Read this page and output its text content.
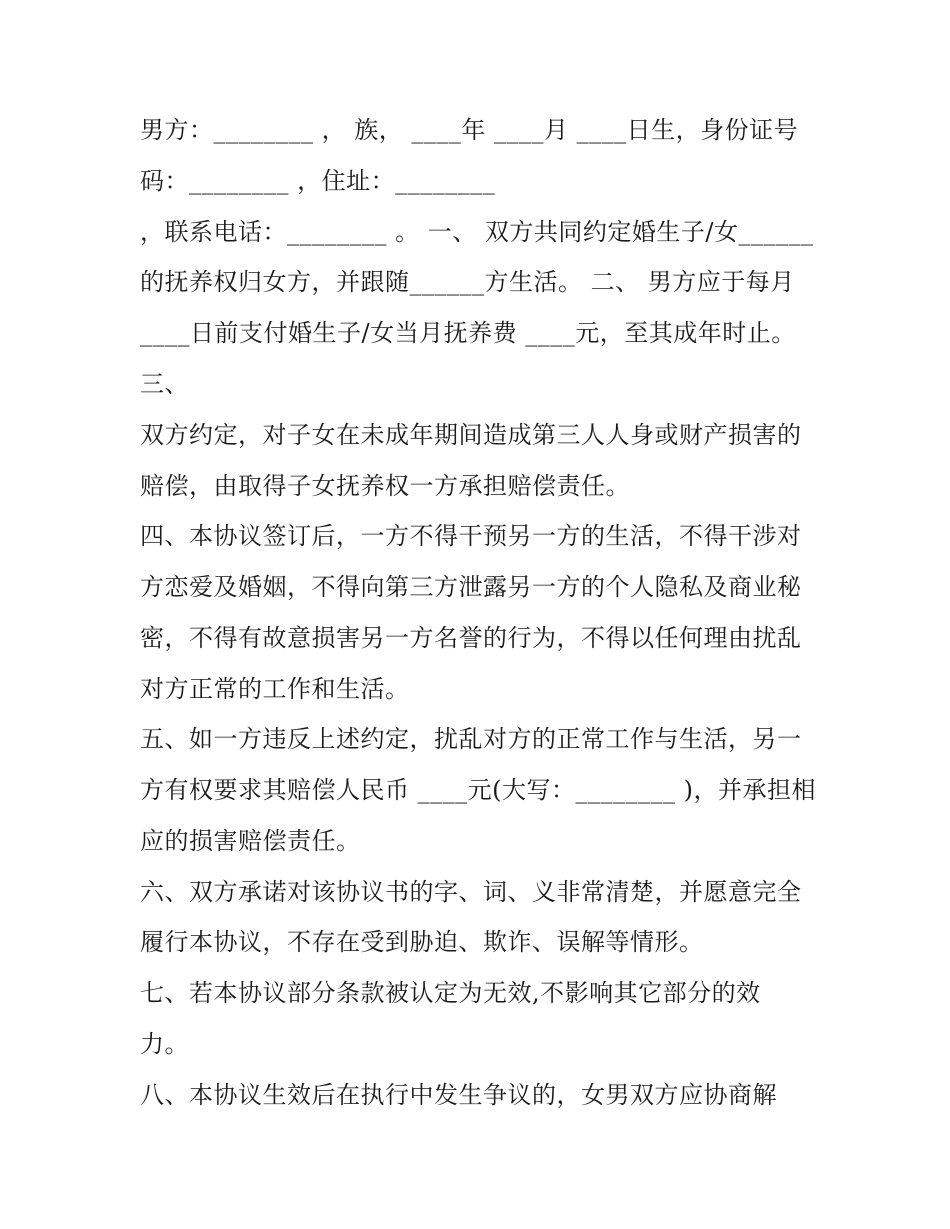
男方：________ ， 族， ____年 ____月 ____日生，身份证号
码：________ ，住址：________
，联系电话：________ 。 一、 双方共同约定婚生子/女______
的抚养权归女方，并跟随______方生活。 二、 男方应于每月
____日前支付婚生子/女当月抚养费 ____元，至其成年时止。
三、
双方约定，对子女在未成年期间造成第三人人身或财产损害的
赔偿，由取得子女抚养权一方承担赔偿责任。
四、本协议签订后，一方不得干预另一方的生活，不得干涉对
方恋爱及婚姻，不得向第三方泄露另一方的个人隐私及商业秘
密，不得有故意损害另一方名誉的行为，不得以任何理由扰乱
对方正常的工作和生活。
五、如一方违反上述约定，扰乱对方的正常工作与生活，另一
方有权要求其赔偿人民币 ____元(大写：________ )，并承担相
应的损害赔偿责任。
六、双方承诺对该协议书的字、词、义非常清楚，并愿意完全
履行本协议，不存在受到胁迫、欺诈、误解等情形。
七、若本协议部分条款被认定为无效,不影响其它部分的效
力。
八、本协议生效后在执行中发生争议的，女男双方应协商解
